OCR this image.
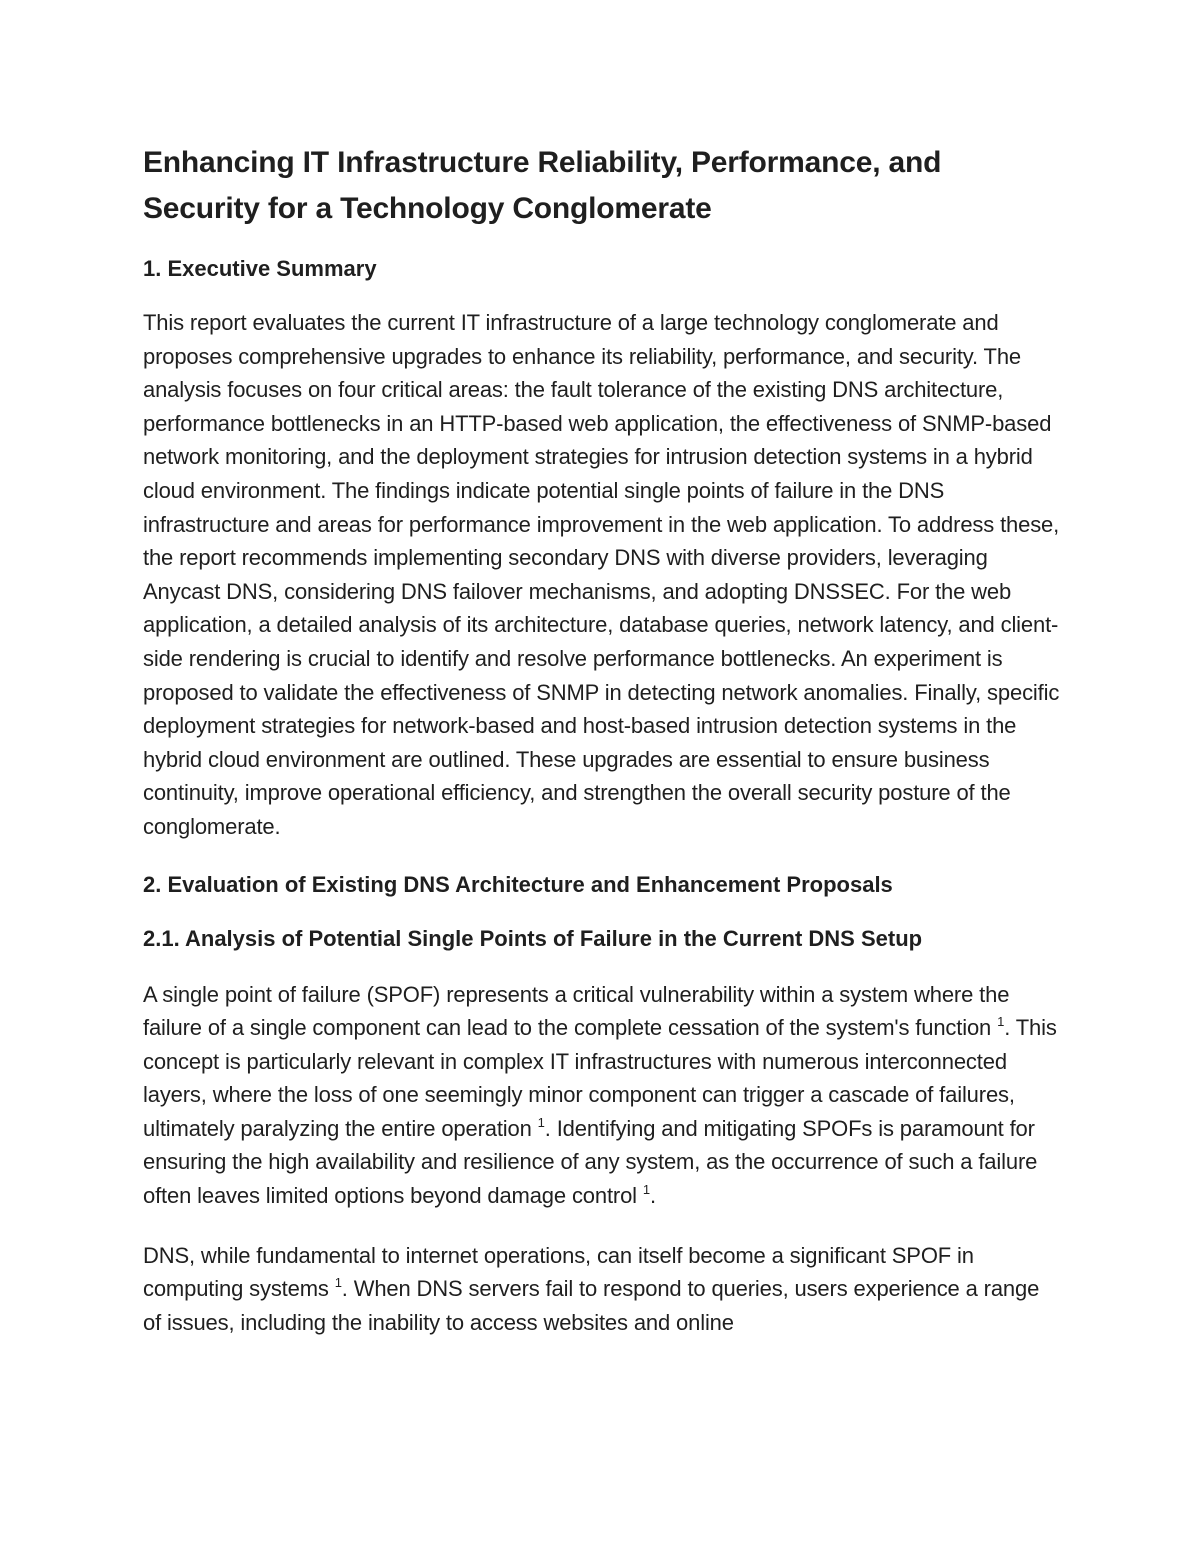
Enhancing IT Infrastructure Reliability, Performance, and Security for a Technology Conglomerate
1. Executive Summary

This report evaluates the current IT infrastructure of a large technology conglomerate and proposes comprehensive upgrades to enhance its reliability, performance, and security. The analysis focuses on four critical areas: the fault tolerance of the existing DNS architecture, performance bottlenecks in an HTTP-based web application, the effectiveness of SNMP-based network monitoring, and the deployment strategies for intrusion detection systems in a hybrid cloud environment. The findings indicate potential single points of failure in the DNS infrastructure and areas for performance improvement in the web application. To address these, the report recommends implementing secondary DNS with diverse providers, leveraging Anycast DNS, considering DNS failover mechanisms, and adopting DNSSEC. For the web application, a detailed analysis of its architecture, database queries, network latency, and client-side rendering is crucial to identify and resolve performance bottlenecks. An experiment is proposed to validate the effectiveness of SNMP in detecting network anomalies. Finally, specific deployment strategies for network-based and host-based intrusion detection systems in the hybrid cloud environment are outlined. These upgrades are essential to ensure business continuity, improve operational efficiency, and strengthen the overall security posture of the conglomerate.

2. Evaluation of Existing DNS Architecture and Enhancement Proposals
2.1. Analysis of Potential Single Points of Failure in the Current DNS Setup

A single point of failure (SPOF) represents a critical vulnerability within a system where the failure of a single component can lead to the complete cessation of the system's function $^1$. This concept is particularly relevant in complex IT infrastructures with numerous interconnected layers, where the loss of one seemingly minor component can trigger a cascade of failures, ultimately paralyzing the entire operation $^1$. Identifying and mitigating SPOFs is paramount for ensuring the high availability and resilience of any system, as the occurrence of such a failure often leaves limited options beyond damage control $^1$.

DNS, while fundamental to internet operations, can itself become a significant SPOF in computing systems $^1$. When DNS servers fail to respond to queries, users experience a range of issues, including the inability to access websites and online
